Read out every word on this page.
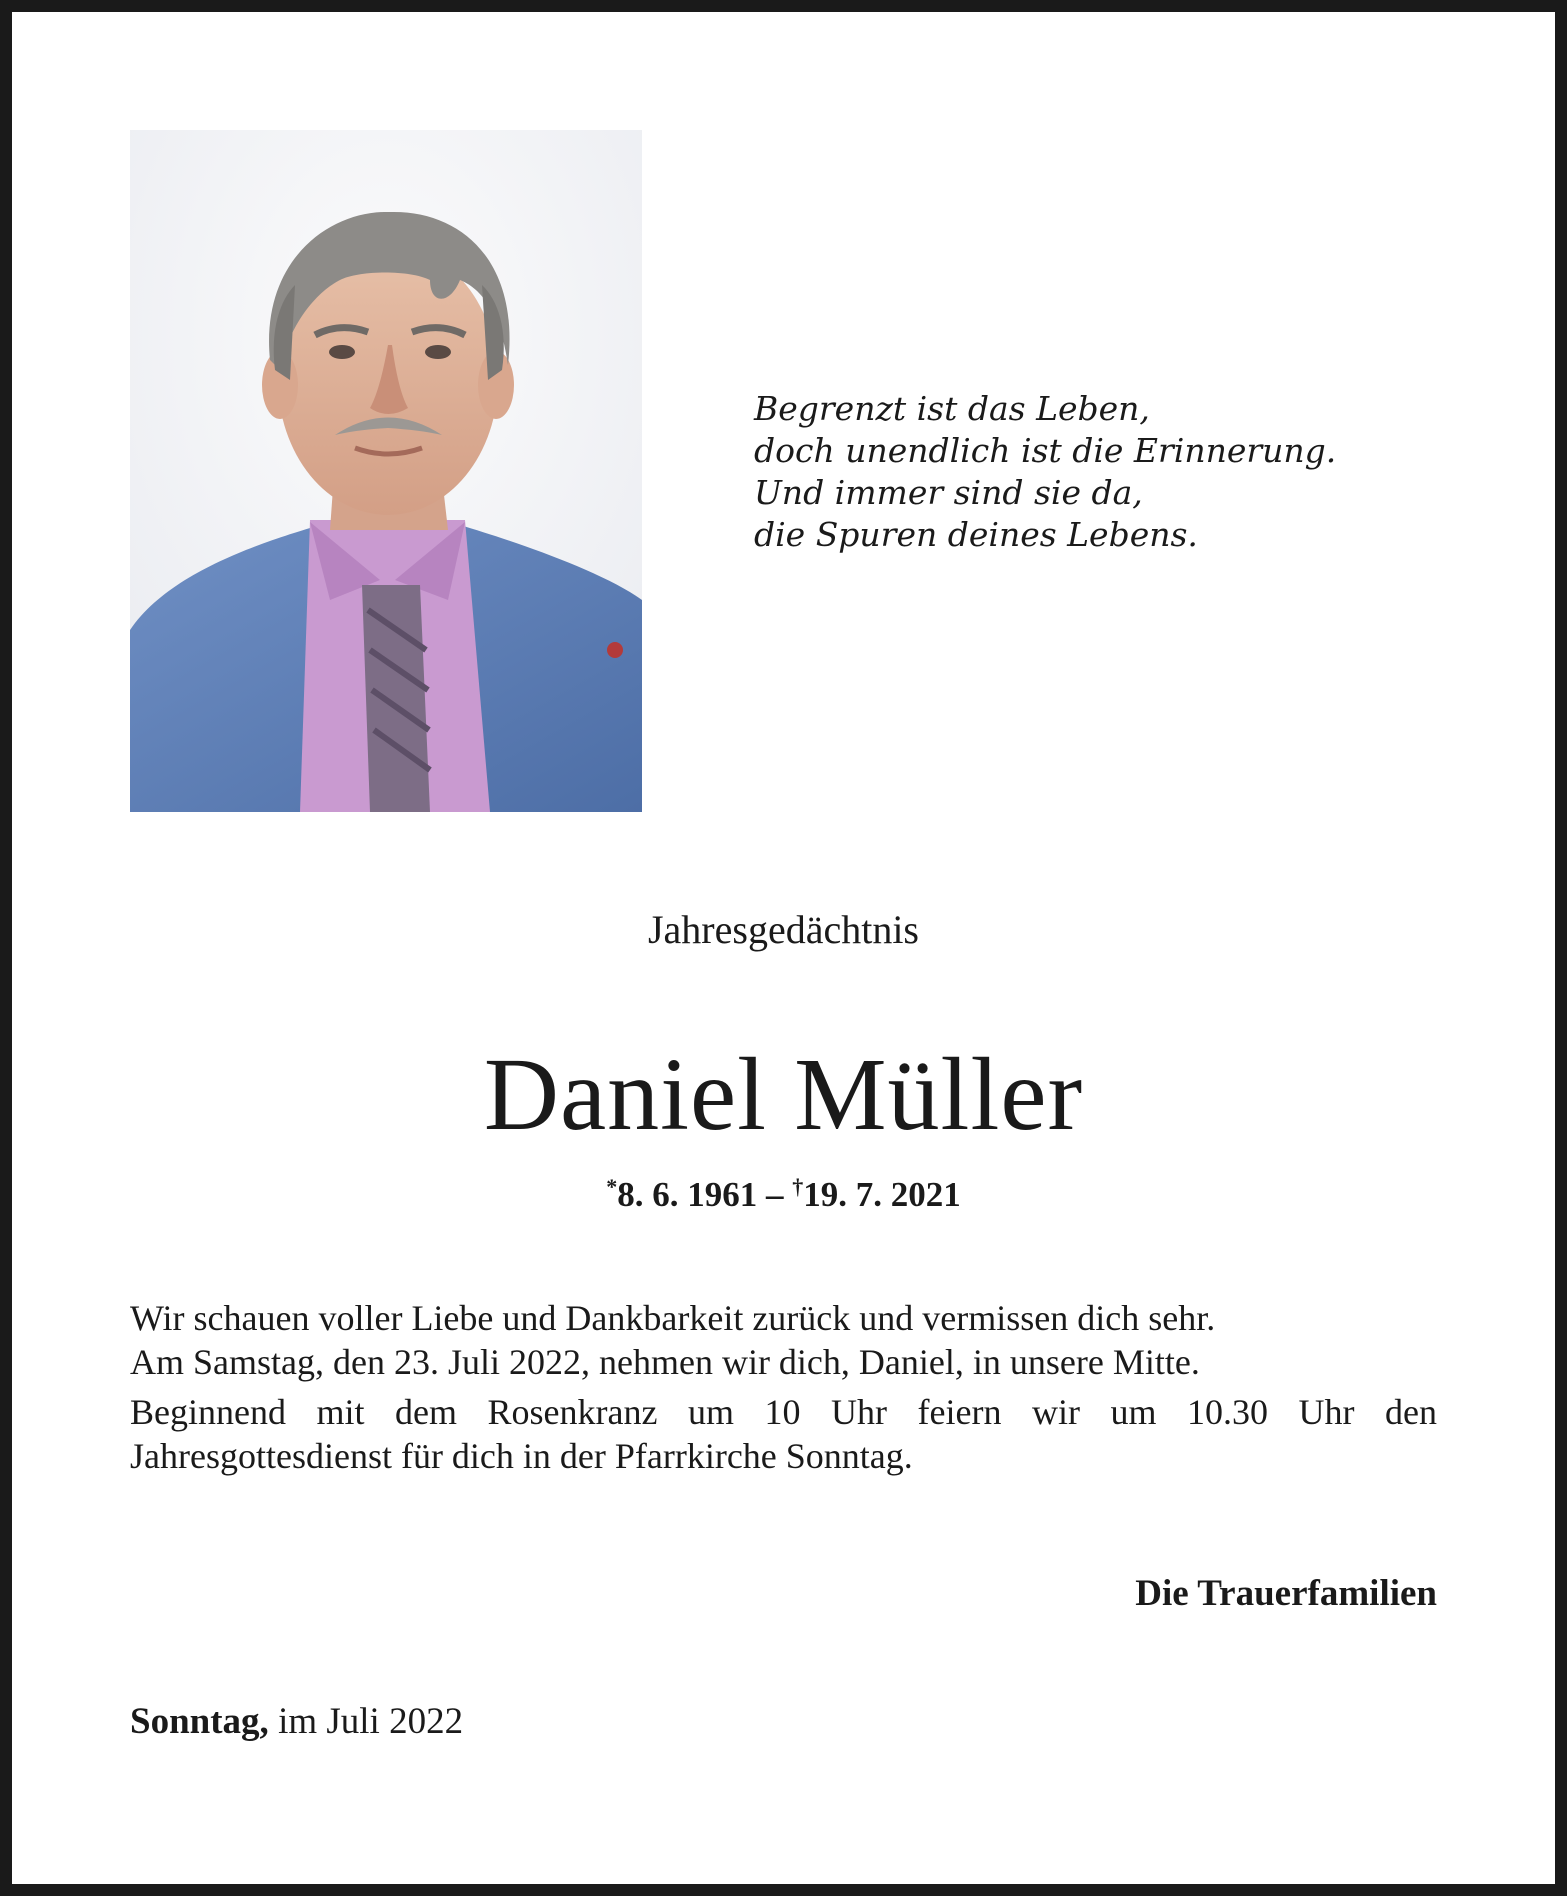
Begrenzt ist das Leben,
doch unendlich ist die Erinnerung.
Und immer sind sie da,
die Spuren deines Lebens.
Jahresgedächtnis
Daniel Müller
*8. 6. 1961 – †19. 7. 2021

Wir schauen voller Liebe und Dankbarkeit zurück und vermissen dich sehr.

Am Samstag, den 23. Juli 2022, nehmen wir dich, Daniel, in unsere Mitte.

Beginnend mit dem Rosenkranz um 10 Uhr feiern wir um 10.30 Uhr den Jahresgottesdienst für dich in der Pfarrkirche Sonntag.

Die Trauerfamilien
Sonntag, im Juli 2022
